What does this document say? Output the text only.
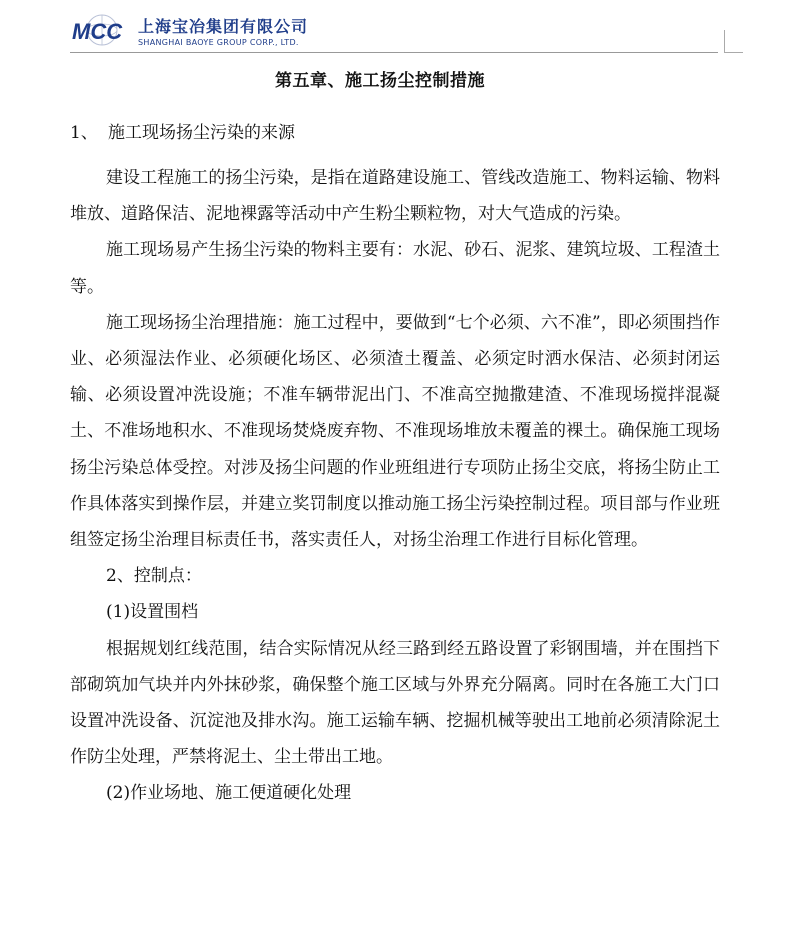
MCC 上海宝冶集团有限公司
SHANGHAI BAOYE GROUP CORP., LTD.
第五章、施工扬尘控制措施
1、 施工现场扬尘污染的来源

建设工程施工的扬尘污染，是指在道路建设施工、管线改造施工、物料运输、物料堆放、道路保洁、泥地裸露等活动中产生粉尘颗粒物，对大气造成的污染。

施工现场易产生扬尘污染的物料主要有：水泥、砂石、泥浆、建筑垃圾、工程渣土等。

施工现场扬尘治理措施：施工过程中，要做到“七个必须、六不准”，即必须围挡作业、必须湿法作业、必须硬化场区、必须渣土覆盖、必须定时洒水保洁、必须封闭运输、必须设置冲洗设施；不准车辆带泥出门、不准高空抛撒建渣、不准现场搅拌混凝土、不准场地积水、不准现场焚烧废弃物、不准现场堆放未覆盖的裸土。确保施工现场扬尘污染总体受控。对涉及扬尘问题的作业班组进行专项防止扬尘交底，将扬尘防止工作具体落实到操作层，并建立奖罚制度以推动施工扬尘污染控制过程。项目部与作业班组签定扬尘治理目标责任书，落实责任人，对扬尘治理工作进行目标化管理。

2、控制点：

(1)设置围档

根据规划红线范围，结合实际情况从经三路到经五路设置了彩钢围墙，并在围挡下部砌筑加气块并内外抹砂浆，确保整个施工区域与外界充分隔离。同时在各施工大门口设置冲洗设备、沉淀池及排水沟。施工运输车辆、挖掘机械等驶出工地前必须清除泥土作防尘处理，严禁将泥土、尘土带出工地。

(2)作业场地、施工便道硬化处理
